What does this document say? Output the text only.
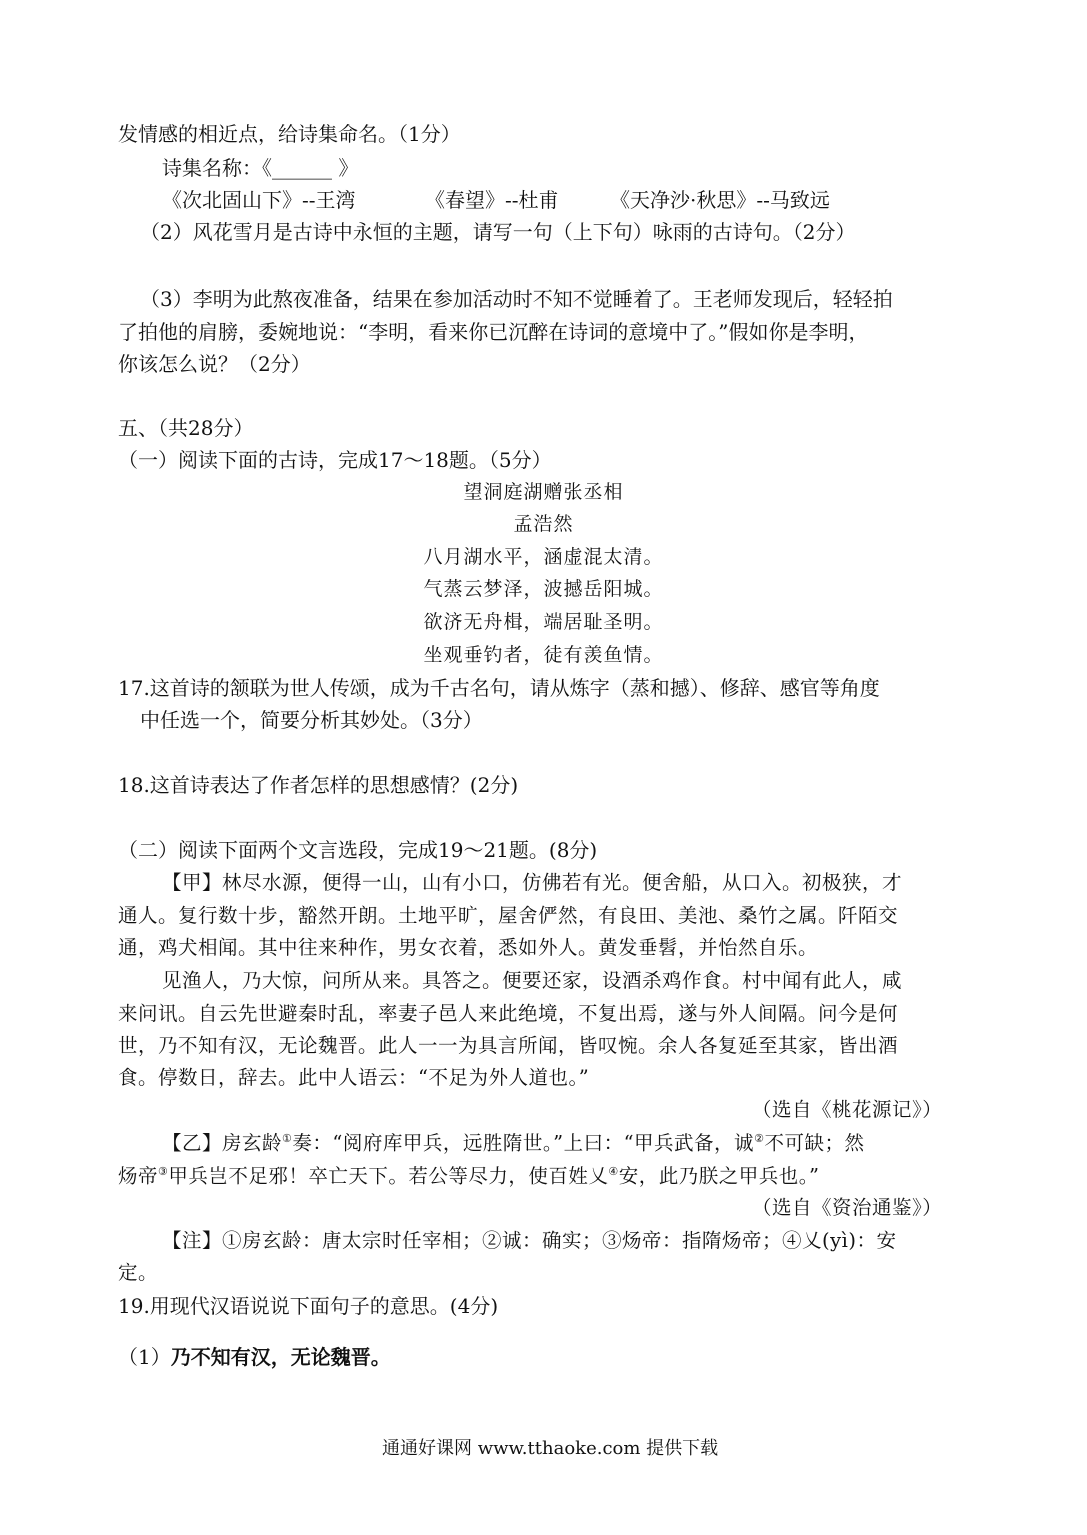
发情感的相近点，给诗集命名。（1分）
诗集名称：《______ 》
《次北固山下》--王湾	《春望》--杜甫	《天净沙·秋思》--马致远
（2）风花雪月是古诗中永恒的主题，请写一句（上下句）咏雨的古诗句。（2分）
（3）李明为此熬夜准备，结果在参加活动时不知不觉睡着了。王老师发现后，轻轻拍
了拍他的肩膀，委婉地说：“李明，看来你已沉醉在诗词的意境中了。”假如你是李明，
你该怎么说？（2分）
五、（共28分）
（一）阅读下面的古诗，完成17～18题。（5分）
望洞庭湖赠张丞相
孟浩然
八月湖水平，涵虚混太清。
气蒸云梦泽，波撼岳阳城。
欲济无舟楫，端居耻圣明。
坐观垂钓者，徒有羡鱼情。
17.这首诗的颔联为世人传颂，成为千古名句，请从炼字（蒸和撼）、修辞、感官等角度
中任选一个，简要分析其妙处。（3分）
18.这首诗表达了作者怎样的思想感情？(2分)
（二）阅读下面两个文言选段，完成19～21题。(8分)
【甲】林尽水源，便得一山，山有小口，仿佛若有光。便舍船，从口入。初极狭，才
通人。复行数十步，豁然开朗。土地平旷，屋舍俨然，有良田、美池、桑竹之属。阡陌交
通，鸡犬相闻。其中往来种作，男女衣着，悉如外人。黄发垂髫，并怡然自乐。
见渔人，乃大惊，问所从来。具答之。便要还家，设酒杀鸡作食。村中闻有此人，咸
来问讯。自云先世避秦时乱，率妻子邑人来此绝境，不复出焉，遂与外人间隔。问今是何
世，乃不知有汉，无论魏晋。此人一一为具言所闻，皆叹惋。余人各复延至其家，皆出酒
食。停数日，辞去。此中人语云：“不足为外人道也。”
（选自《桃花源记》）
【乙】房玄龄①奏：“阅府库甲兵，远胜隋世。”上曰：“甲兵武备，诚②不可缺；然
炀帝③甲兵岂不足邪！卒亡天下。若公等尽力，使百姓乂④安，此乃朕之甲兵也。”
（选自《资治通鉴》）
【注】①房玄龄：唐太宗时任宰相；②诚：确实；③炀帝：指隋炀帝；④乂(yì)：安
定。
19.用现代汉语说说下面句子的意思。(4分)
（1）乃不知有汉，无论魏晋。
通通好课网 www.tthaoke.com 提供下载
